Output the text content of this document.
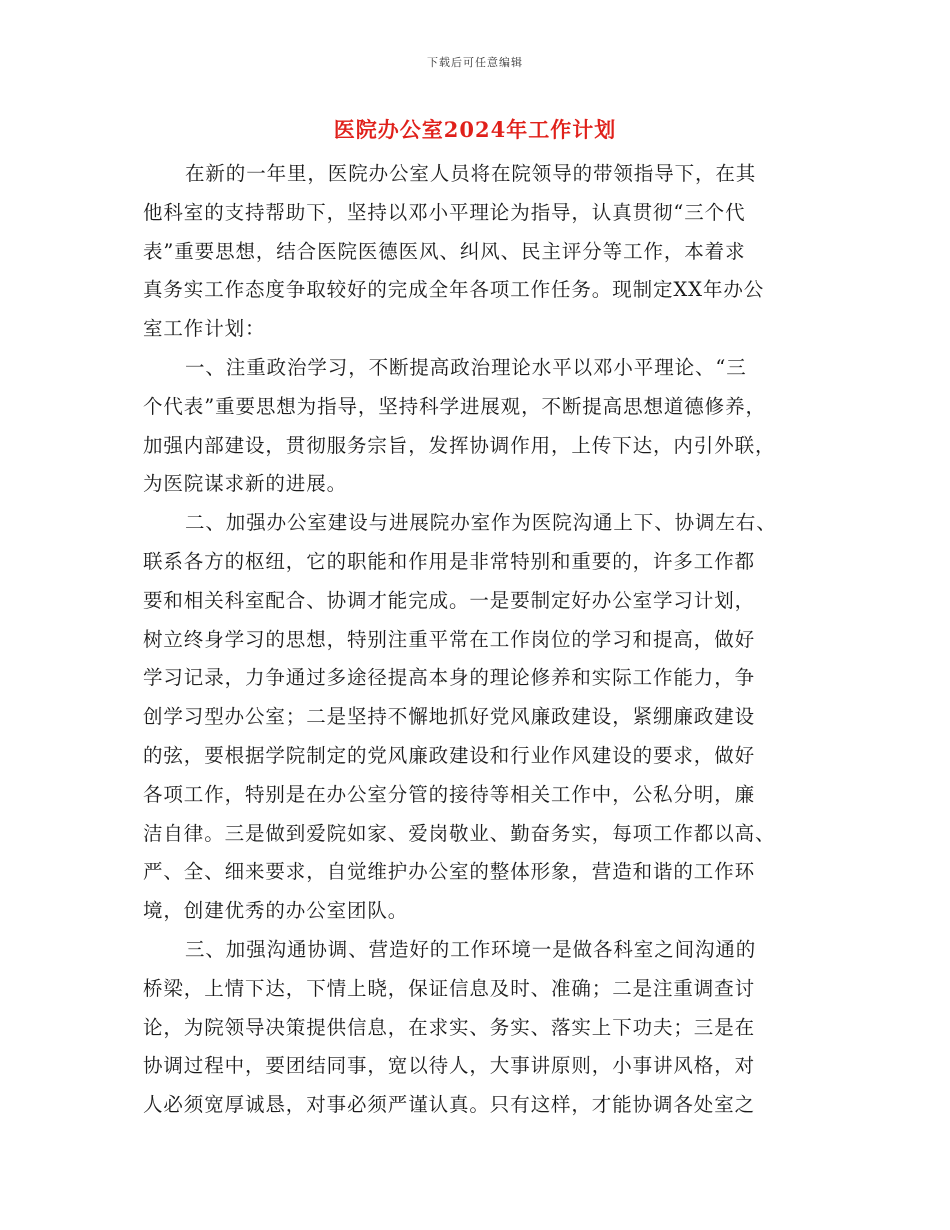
下载后可任意编辑
医院办公室2024年工作计划
在新的一年里，医院办公室人员将在院领导的带领指导下，在其
他科室的支持帮助下，坚持以邓小平理论为指导，认真贯彻“三个代
表”重要思想，结合医院医德医风、纠风、民主评分等工作，本着求
真务实工作态度争取较好的完成全年各项工作任务。现制定XX年办公
室工作计划：
一、注重政治学习，不断提高政治理论水平以邓小平理论、“三
个代表”重要思想为指导，坚持科学进展观，不断提高思想道德修养，
加强内部建设，贯彻服务宗旨，发挥协调作用，上传下达，内引外联，
为医院谋求新的进展。
二、加强办公室建设与进展院办室作为医院沟通上下、协调左右、
联系各方的枢纽，它的职能和作用是非常特别和重要的，许多工作都
要和相关科室配合、协调才能完成。一是要制定好办公室学习计划，
树立终身学习的思想，特别注重平常在工作岗位的学习和提高，做好
学习记录，力争通过多途径提高本身的理论修养和实际工作能力，争
创学习型办公室；二是坚持不懈地抓好党风廉政建设，紧绷廉政建设
的弦，要根据学院制定的党风廉政建设和行业作风建设的要求，做好
各项工作，特别是在办公室分管的接待等相关工作中，公私分明，廉
洁自律。三是做到爱院如家、爱岗敬业、勤奋务实，每项工作都以高、
严、全、细来要求，自觉维护办公室的整体形象，营造和谐的工作环
境，创建优秀的办公室团队。
三、加强沟通协调、营造好的工作环境一是做各科室之间沟通的
桥梁，上情下达，下情上晓，保证信息及时、准确；二是注重调查讨
论，为院领导决策提供信息，在求实、务实、落实上下功夫；三是在
协调过程中，要团结同事，宽以待人，大事讲原则，小事讲风格，对
人必须宽厚诚恳，对事必须严谨认真。只有这样，才能协调各处室之
